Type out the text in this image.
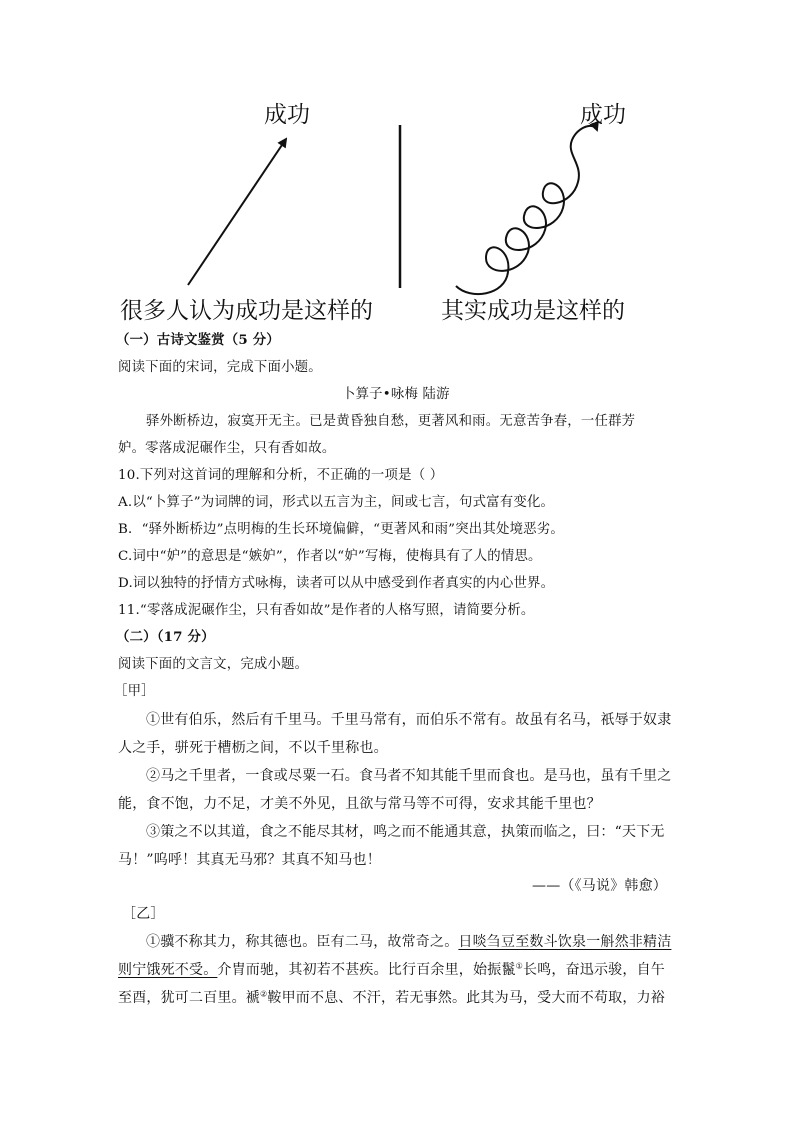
成功	成功
很多人认为成功是这样的	其实成功是这样的
（一）古诗文鉴赏（5 分）
阅读下面的宋词，完成下面小题。
卜算子•咏梅 陆游
驿外断桥边，寂寞开无主。已是黄昏独自愁，更著风和雨。无意苦争春，一任群芳
妒。零落成泥碾作尘，只有香如故。
10.下列对这首词的理解和分析，不正确的一项是（ ）
A.以“卜算子”为词牌的词，形式以五言为主，间或七言，句式富有变化。
B．“驿外断桥边”点明梅的生长环境偏僻，“更著风和雨”突出其处境恶劣。
C.词中“妒”的意思是“嫉妒”，作者以“妒”写梅，使梅具有了人的情思。
D.词以独特的抒情方式咏梅，读者可以从中感受到作者真实的内心世界。
11.“零落成泥碾作尘，只有香如故”是作者的人格写照，请简要分析。
（二）（17 分）
阅读下面的文言文，完成小题。
［甲］
①世有伯乐，然后有千里马。千里马常有，而伯乐不常有。故虽有名马，祇辱于奴隶
人之手，骈死于槽枥之间，不以千里称也。
②马之千里者，一食或尽粟一石。食马者不知其能千里而食也。是马也，虽有千里之
能，食不饱，力不足，才美不外见，且欲与常马等不可得，安求其能千里也？
③策之不以其道，食之不能尽其材，鸣之而不能通其意，执策而临之，曰：“天下无
马！”呜呼！其真无马邪？其真不知马也！
——（《马说》韩愈）
［乙］
①骥不称其力，称其德也。臣有二马，故常奇之。日啖刍豆至数斗饮泉一斛然非精洁
则宁饿死不受。介胄而驰，其初若不甚疾。比行百余里，始振鬣①长鸣，奋迅示骏，自午
至酉，犹可二百里。褫②鞍甲而不息、不汗，若无事然。此其为马，受大而不苟取，力裕
